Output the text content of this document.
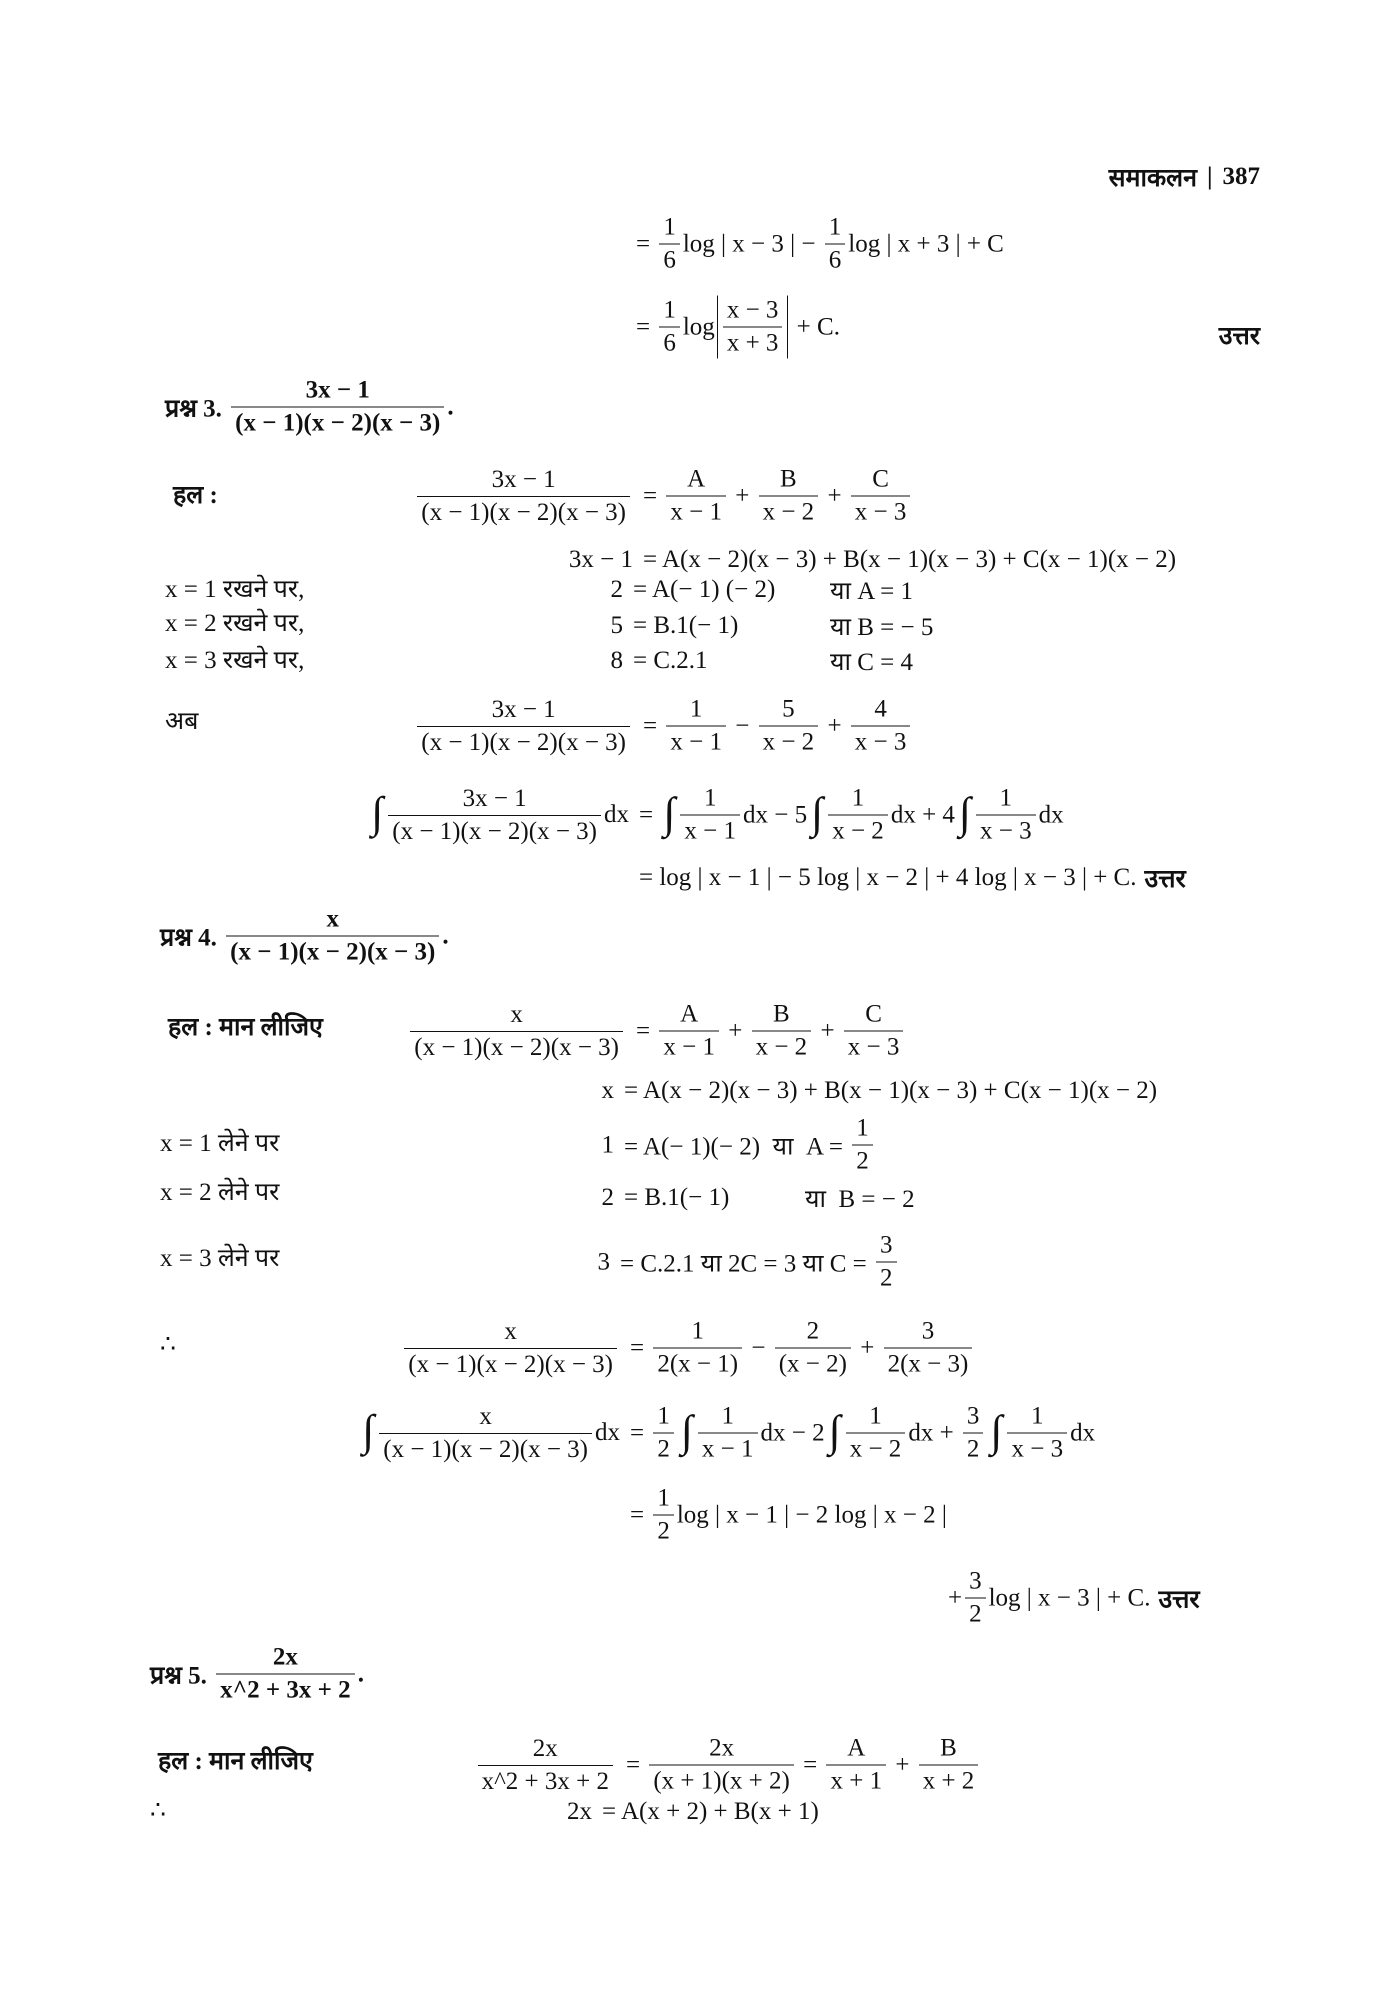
समाकलन | 387
= $\frac{1}{6}$ log | x − 3 | − $\frac{1}{6}$ log | x + 3 | + C
= $\frac{1}{6}$ $\log \frac{x - 3}{x + 3} + C$.	उत्तर
प्रश्न 3. $\frac{3x - 1}{(x - 1)(x - 2)(x - 3)}$ .
हल :	$\frac{3x - 1}{(x - 1)(x - 2)(x - 3)} = \frac{A}{x - 1} + \frac{B}{x - 2} + \frac{C}{x - 3}$
3x − 1 = A(x − 2)(x − 3) + B(x − 1)(x − 3) + C(x − 1)(x − 2)
x = 1 रखने पर,	2 = A(− 1) (− 2) या A = 1
x = 2 रखने पर,	5 = B.1(− 1)	या B = − 5
x = 3 रखने पर,	8 = C.2.1	या C = 4
अब	$\frac{3x - 1}{(x - 1)(x - 2)(x - 3)} = \frac{1}{x - 1} - \frac{5}{x - 2} + \frac{4}{x - 3}$
∫ $\frac{3x - 1}{(x - 1)(x - 2)(x - 3)}$ dx = ∫ $\frac{1}{x - 1}$ dx − 5 ∫ $\frac{1}{x - 2}$ dx + 4 ∫ $\frac{1}{x - 3}$ dx
= log | x − 1 | − 5 log | x − 2 | + 4 log | x − 3 | + C. उत्तर
प्रश्न 4. $\frac{x}{(x - 1)(x - 2)(x - 3)}$ .
हल : मान लीजिए	$\frac{x}{(x - 1)(x - 2)(x - 3)} = \frac{A}{x - 1} + \frac{B}{x - 2} + \frac{C}{x - 3}$
x = A(x − 2)(x − 3) + B(x − 1)(x − 3) + C(x − 1)(x − 2)
x = 1 लेने पर	1 = A(− 1)(− 2)  या  $A = \frac{1}{2}$
x = 2 लेने पर	2 = B.1(− 1)	या  B = − 2
x = 3 लेने पर	3 = C.2.1 या 2C = 3 या $C = \frac{3}{2}$
∴	$\frac{x}{(x - 1)(x - 2)(x - 3)} = \frac{1}{2(x - 1)} - \frac{2}{(x - 2)} + \frac{3}{2(x - 3)}$
∫ $\frac{x}{(x - 1)(x - 2)(x - 3)}$ dx = $\frac{1}{2}$ ∫ $\frac{1}{x - 1}$ dx − 2 ∫ $\frac{1}{x - 2}$ dx + $\frac{3}{2}$ ∫ $\frac{1}{x - 3}$ dx
= $\frac{1}{2}$ log | x − 1 | − 2 log | x − 2 |
+ $\frac{3}{2}$ log | x − 3 | + C. उत्तर
प्रश्न 5. $\frac{2x}{x\^{}2 + 3x + 2}$ .
हल : मान लीजिए	$\frac{2x}{x\^{}2 + 3x + 2} = \frac{2x}{(x + 1)(x + 2)} = \frac{A}{x + 1} + \frac{B}{x + 2}$
∴	2x = A(x + 2) + B(x + 1)
